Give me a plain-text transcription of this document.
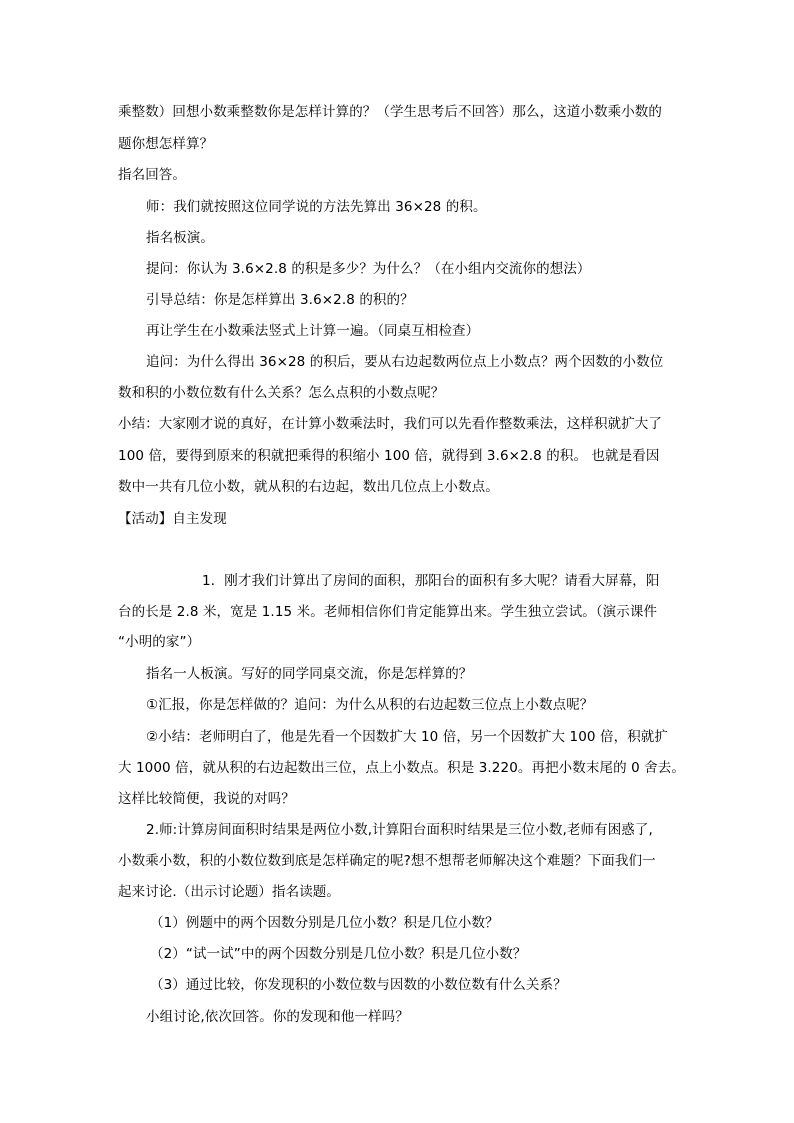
乘整数）回想小数乘整数你是怎样计算的？（学生思考后不回答）那么，这道小数乘小数的
题你想怎样算？
指名回答。
师：我们就按照这位同学说的方法先算出 36×28 的积。
指名板演。
提问：你认为 3.6×2.8 的积是多少？为什么？（在小组内交流你的想法）
引导总结：你是怎样算出 3.6×2.8 的积的？
再让学生在小数乘法竖式上计算一遍。（同桌互相检查）
追问：为什么得出 36×28 的积后，要从右边起数两位点上小数点？两个因数的小数位
数和积的小数位数有什么关系？怎么点积的小数点呢？
小结：大家刚才说的真好，在计算小数乘法时，我们可以先看作整数乘法，这样积就扩大了
100 倍，要得到原来的积就把乘得的积缩小 100 倍，就得到 3.6×2.8 的积。 也就是看因
数中一共有几位小数，就从积的右边起，数出几位点上小数点。
【活动】自主发现
1．刚才我们计算出了房间的面积，那阳台的面积有多大呢？请看大屏幕，阳
台的长是 2.8 米，宽是 1.15 米。老师相信你们肯定能算出来。学生独立尝试。（演示课件
“小明的家”）
指名一人板演。写好的同学同桌交流，你是怎样算的？
①汇报，你是怎样做的？追问：为什么从积的右边起数三位点上小数点呢？
②小结：老师明白了，他是先看一个因数扩大 10 倍，另一个因数扩大 100 倍，积就扩
大 1000 倍，就从积的右边起数出三位，点上小数点。积是 3.220。再把小数末尾的 0 舍去。
这样比较简便，我说的对吗？
2.师:计算房间面积时结果是两位小数,计算阳台面积时结果是三位小数,老师有困惑了,
小数乘小数，积的小数位数到底是怎样确定的呢?想不想帮老师解决这个难题？下面我们一
起来讨论.（出示讨论题）指名读题。
（1）例题中的两个因数分别是几位小数？积是几位小数？
（2）“试一试”中的两个因数分别是几位小数？积是几位小数？
（3）通过比较，你发现积的小数位数与因数的小数位数有什么关系？
小组讨论,依次回答。你的发现和他一样吗？
